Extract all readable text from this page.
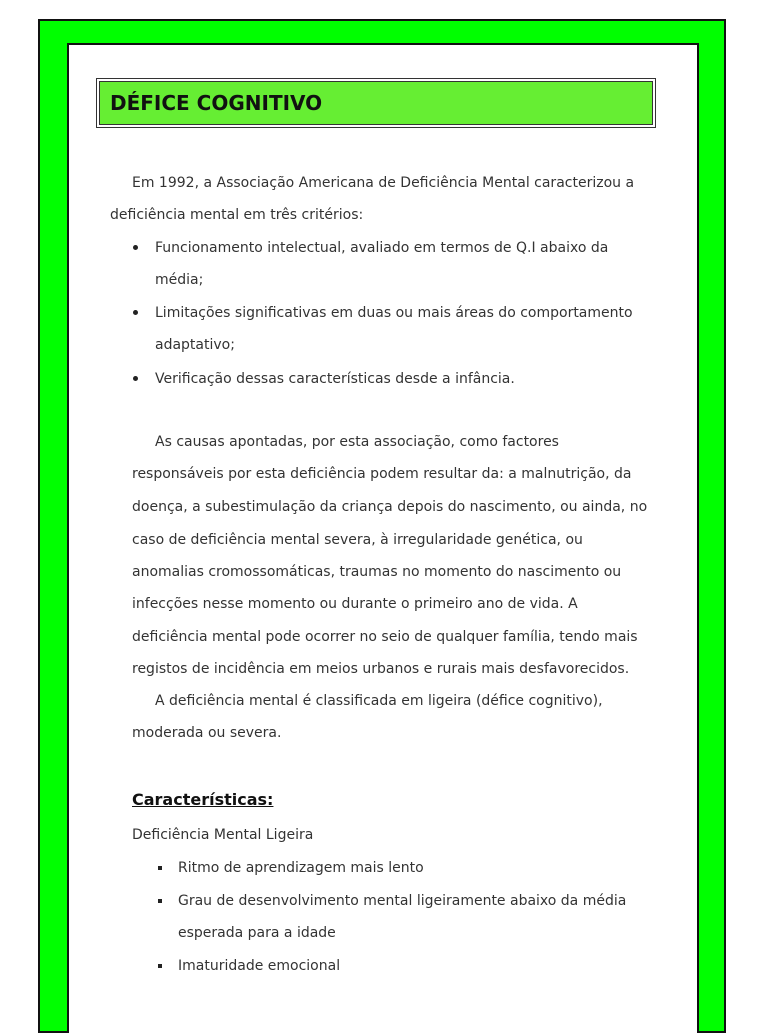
DÉFICE COGNITIVO
Em 1992, a Associação Americana de Deficiência Mental caracterizou a
deficiência mental em três critérios:
Funcionamento intelectual, avaliado em termos de Q.I abaixo da
média;
Limitações significativas em duas ou mais áreas do comportamento
adaptativo;
Verificação dessas características desde a infância.
As causas apontadas, por esta associação, como factores
responsáveis por esta deficiência podem resultar da: a malnutrição, da
doença, a subestimulação da criança depois do nascimento, ou ainda, no
caso de deficiência mental severa, à irregularidade genética, ou
anomalias cromossomáticas, traumas no momento do nascimento ou
infecções nesse momento ou durante o primeiro ano de vida. A
deficiência mental pode ocorrer no seio de qualquer família, tendo mais
registos de incidência em meios urbanos e rurais mais desfavorecidos.
A deficiência mental é classificada em ligeira (défice cognitivo),
moderada ou severa.
Características:
Deficiência Mental Ligeira
Ritmo de aprendizagem mais lento
Grau de desenvolvimento mental ligeiramente abaixo da média
esperada para a idade
Imaturidade emocional
